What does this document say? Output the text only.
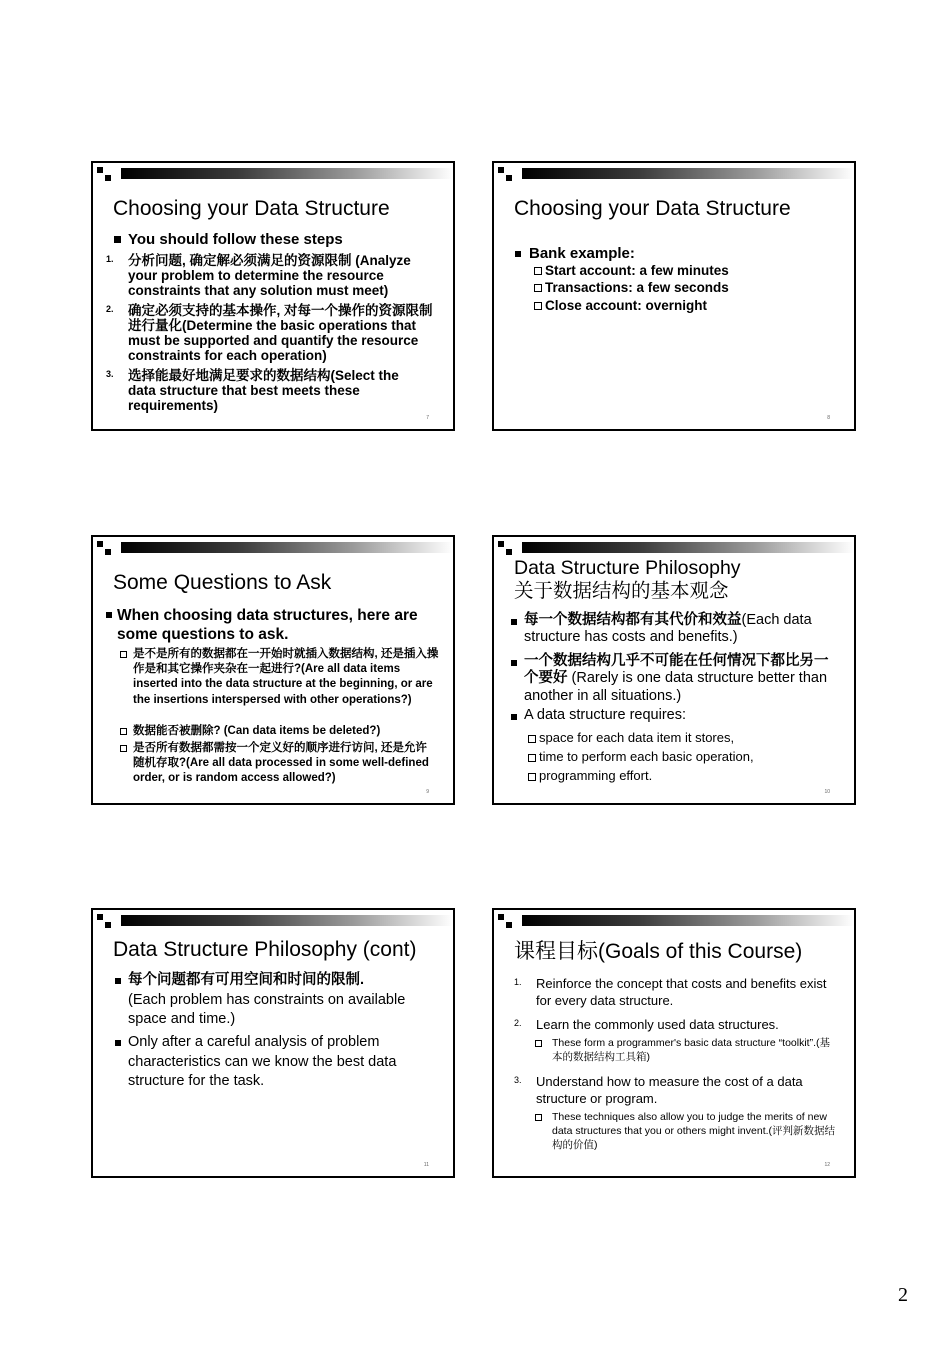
Choosing your Data Structure
You should follow these steps
1. 分析问题, 确定解必须满足的资源限制 (Analyze your problem to determine the resource constraints that any solution must meet)
2. 确定必须支持的基本操作, 对每一个操作的资源限制进行量化(Determine the basic operations that must be supported and quantify the resource constraints for each operation)
3. 选择能最好地满足要求的数据结构(Select the data structure that best meets these requirements)
7
Choosing your Data Structure
Bank example:
Start account: a few minutes
Transactions: a few seconds
Close account: overnight
8
Some Questions to Ask
When choosing data structures, here are some questions to ask.
是不是所有的数据都在一开始时就插入数据结构, 还是插入操作是和其它操作夹杂在一起进行?(Are all data items inserted into the data structure at the beginning, or are the insertions interspersed with other operations?)
数据能否被删除? (Can data items be deleted?)
是否所有数据都需按一个定义好的顺序进行访问, 还是允许随机存取?(Are all data processed in some well-defined order, or is random access allowed?)
9
Data Structure Philosophy
关于数据结构的基本观念
每一个数据结构都有其代价和效益(Each data structure has costs and benefits.)
一个数据结构几乎不可能在任何情况下都比另一个要好 (Rarely is one data structure better than another in all situations.)
A data structure requires:
space for each data item it stores,
time to perform each basic operation,
programming effort.
10
Data Structure Philosophy (cont)
每个问题都有可用空间和时间的限制.
(Each problem has constraints on available space and time.)
Only after a careful analysis of problem characteristics can we know the best data structure for the task.
11
课程目标(Goals of this Course)
1. Reinforce the concept that costs and benefits exist for every data structure.
2. Learn the commonly used data structures.
These form a programmer's basic data structure “toolkit”.(基本的数据结构工具箱)
3. Understand how to measure the cost of a data structure or program.
These techniques also allow you to judge the merits of new data structures that you or others might invent.(评判新数据结构的价值)
12
2
